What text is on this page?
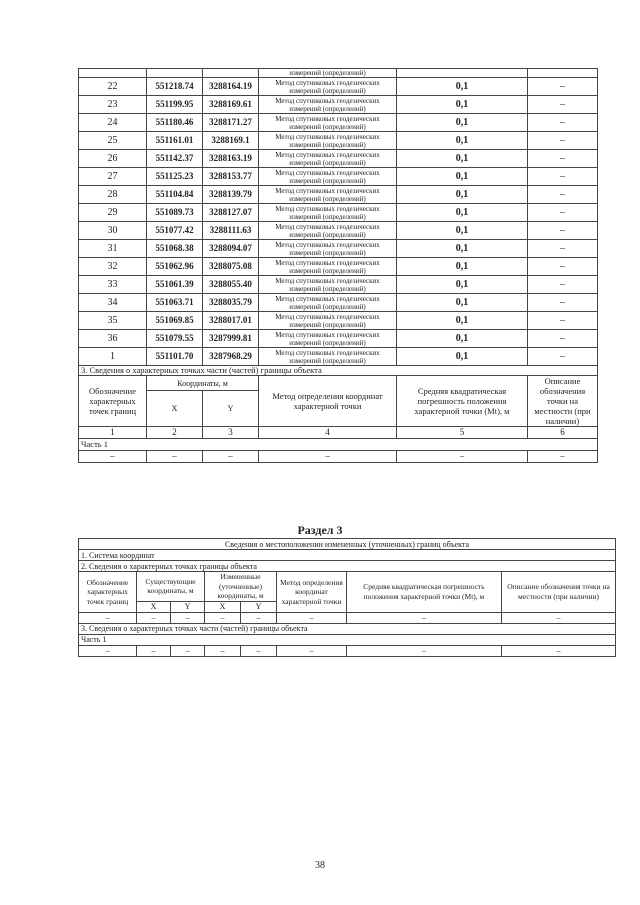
			измерений (определений)		
22	551218.74	3288164.19	Метод спутниковых геодезических измерений (определений)	0,1	–
23	551199.95	3288169.61	Метод спутниковых геодезических измерений (определений)	0,1	–
24	551180.46	3288171.27	Метод спутниковых геодезических измерений (определений)	0,1	–
25	551161.01	3288169.1	Метод спутниковых геодезических измерений (определений)	0,1	–
26	551142.37	3288163.19	Метод спутниковых геодезических измерений (определений)	0,1	–
27	551125.23	3288153.77	Метод спутниковых геодезических измерений (определений)	0,1	–
28	551104.84	3288139.79	Метод спутниковых геодезических измерений (определений)	0,1	–
29	551089.73	3288127.07	Метод спутниковых геодезических измерений (определений)	0,1	–
30	551077.42	3288111.63	Метод спутниковых геодезических измерений (определений)	0,1	–
31	551068.38	3288094.07	Метод спутниковых геодезических измерений (определений)	0,1	–
32	551062.96	3288075.08	Метод спутниковых геодезических измерений (определений)	0,1	–
33	551061.39	3288055.40	Метод спутниковых геодезических измерений (определений)	0,1	–
34	551063.71	3288035.79	Метод спутниковых геодезических измерений (определений)	0,1	–
35	551069.85	3288017.01	Метод спутниковых геодезических измерений (определений)	0,1	–
36	551079.55	3287999.81	Метод спутниковых геодезических измерений (определений)	0,1	–
1	551101.70	3287968.29	Метод спутниковых геодезических измерений (определений)	0,1	–
3. Сведения о характерных точках части (частей) границы объекта					
Обозначение характерных точек границ	Координаты, м		Метод определения координат характерной точки	Средняя квадратическая погрешность положения характерной точки (Mt), м	Описание обозначения точки на местности (при наличии)
	X	Y			
1	2	3	4	5	6
Часть 1					
–	–	–	–	–	–
Раздел 3
Сведения о местоположении измененных (уточненных) границ объекта							
1. Система координат							
2. Сведения о характерных точках границы объекта							
Обозначение характерных точек границ	Существующие координаты, м		Измененные (уточненные) координаты, м		Метод определения координат характерной точки	Средняя квадратическая погрешность положения характерной точки (Mt), м	Описание обозначения точки на местности (при наличии)
	X	Y	X	Y			
–	–	–	–	–	–	–	–
3. Сведения о характерных точках части (частей) границы объекта							
Часть 1							
–	–	–	–	–	–	–	–
38
